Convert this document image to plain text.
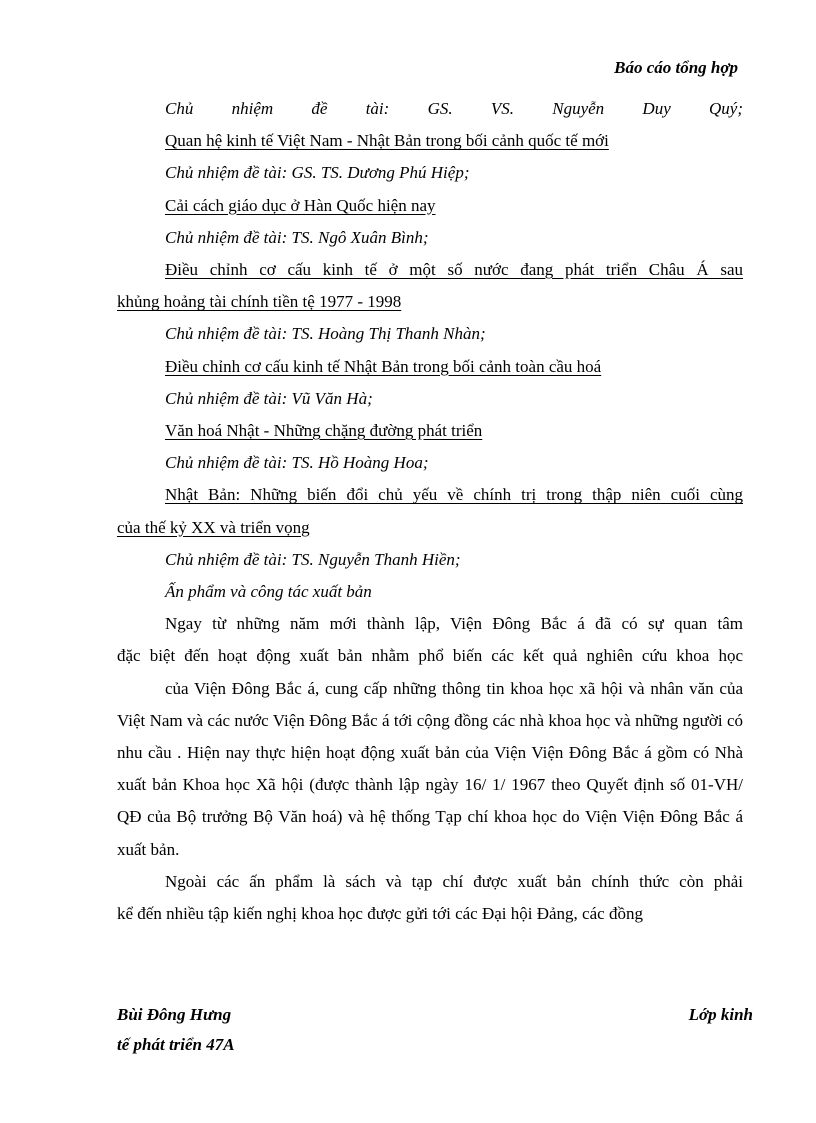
Báo cáo tổng hợp

Chủ nhiệm đề tài: GS. VS. Nguyễn Duy Quý;

Quan hệ kinh tế Việt Nam - Nhật Bản trong bối cảnh quốc tế mới

Chủ nhiệm đề tài: GS. TS. Dương Phú Hiệp;

Cải cách giáo dục ở Hàn Quốc hiện nay

Chủ nhiệm đề tài: TS. Ngô Xuân Bình;

Điều chỉnh cơ cấu kinh tế ở một số nước đang phát triển Châu Á sau

khủng hoảng tài chính tiền tệ 1977 - 1998

Chủ nhiệm đề tài: TS. Hoàng Thị Thanh Nhàn;

Điều chỉnh cơ cấu kinh tế Nhật Bản trong bối cảnh toàn cầu hoá

Chủ nhiệm đề tài: Vũ Văn Hà;

Văn hoá Nhật - Những chặng đường phát triển

Chủ nhiệm đề tài: TS. Hồ Hoàng Hoa;

Nhật Bản: Những biến đổi chủ yếu về chính trị trong thập niên cuối cùng

của thế kỷ XX và triển vọng

Chủ nhiệm đề tài: TS. Nguyễn Thanh Hiền;

Ấn phẩm và công tác xuất bản

Ngay từ những năm mới thành lập, Viện Đông Bắc á đã có sự quan tâm

đặc biệt đến hoạt động xuất bản nhằm phổ biến các kết quả nghiên cứu khoa học

của Viện Đông Bắc á, cung cấp những thông tin khoa học xã hội và nhân văn của Việt Nam và các nước Viện Đông Bắc á tới cộng đồng các nhà khoa học và những người có nhu cầu . Hiện nay thực hiện hoạt động xuất bản của Viện Viện Đông Bắc á gồm có Nhà xuất bản Khoa học Xã hội (được thành lập ngày 16/ 1/ 1967 theo Quyết định số 01-VH/ QĐ của Bộ trưởng Bộ Văn hoá) và hệ thống Tạp chí khoa học do Viện Viện Đông Bắc á xuất bản.

Ngoài các ấn phẩm là sách và tạp chí được xuất bản chính thức còn phải

kể đến nhiều tập kiến nghị khoa học được gửi tới các Đại hội Đảng, các đồng

Bùi Đông Hưng	Lớp kinh
tế phát triển 47A
